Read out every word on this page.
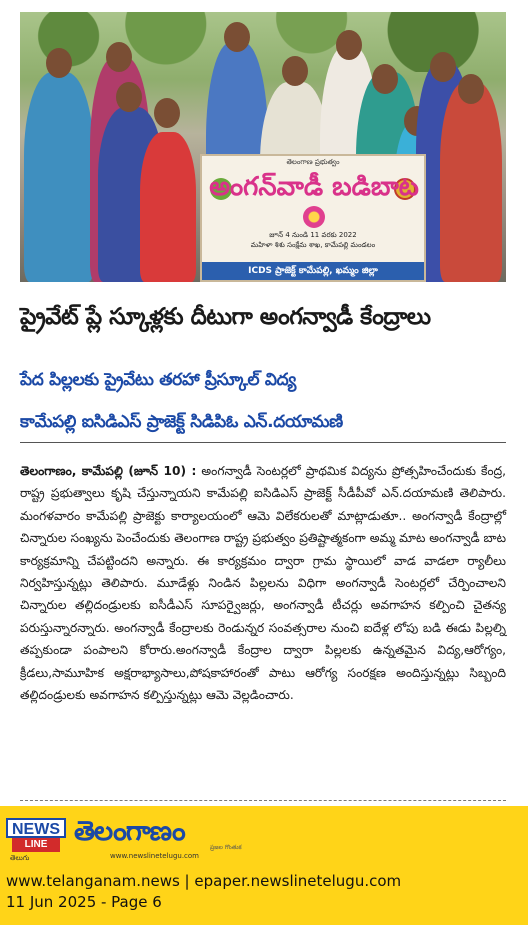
తెలంగాణ ప్రభుత్వం
అంగన్‌వాడీ బడిబాట
జూన్ 4 నుండి 11 వరకు 2022
మహిళా శిశు సంక్షేమ శాఖ, కామేపల్లి మండలం
ICDS ప్రాజెక్ట్ కామేపల్లి, ఖమ్మం జిల్లా
ప్రైవేట్ ప్లే స్కూళ్లకు దీటుగా అంగన్వాడీ కేంద్రాలు
పేద పిల్లలకు ప్రైవేటు తరహా ప్రీస్కూల్ విద్య
కామేపల్లి ఐసిడిఎస్ ప్రాజెక్ట్ సిడిపిఓ ఎన్.దయామణి
తెలంగాణం, కామేపల్లి (జూన్ 10) : అంగన్వాడీ సెంటర్లలో ప్రాథమిక విద్యను ప్రోత్సహించేందుకు కేంద్ర, రాష్ట్ర ప్రభుత్వాలు కృషి చేస్తున్నాయని కామేపల్లి ఐసిడిఎస్ ప్రాజెక్ట్ సీడీపీవో ఎన్.దయామణి తెలిపారు. మంగళవారం కామేపల్లి ప్రాజెక్టు కార్యాలయంలో ఆమె విలేకరులతో మాట్లాడుతూ.. అంగన్వాడీ కేంద్రాల్లో చిన్నారుల సంఖ్యను పెంచేందుకు తెలంగాణ రాష్ట్ర ప్రభుత్వం ప్రతిష్టాత్మకంగా అమ్మ మాట అంగన్వాడీ బాట కార్యక్రమాన్ని చేపట్టిందని అన్నారు. ఈ కార్యక్రమం ద్వారా గ్రామ స్థాయిలో వాడ వాడలా ర్యాలీలు నిర్వహిస్తున్నట్లు తెలిపారు. మూడేళ్లు నిండిన పిల్లలను విధిగా అంగన్వాడీ సెంటర్లలో చేర్పించాలని చిన్నారుల తల్లిదండ్రులకు ఐసీడీఎస్ సూపర్వైజర్లు, అంగన్వాడీ టీచర్లు అవగాహన కల్పించి చైతన్య పరుస్తున్నారన్నారు. అంగన్వాడీ కేంద్రాలకు రెండున్నర సంవత్సరాల నుంచి ఐదేళ్ల లోపు బడి ఈడు పిల్లల్ని తప్పకుండా పంపాలని కోరారు.అంగన్వాడీ కేంద్రాల ద్వారా పిల్లలకు ఉన్నతమైన విద్య,ఆరోగ్యం, క్రీడలు,సామూహిక అక్షరాభ్యాసాలు,పోషకాహారంతో పాటు ఆరోగ్య సంరక్షణ అందిస్తున్నట్లు సిబ్బంది తల్లిదండ్రులకు అవగాహన కల్పిస్తున్నట్లు ఆమె వెల్లడించారు.
NEWS
LINE
తెలుగు
తెలంగాణం
ప్రజల గొంతుక
www.newslinetelugu.com
www.telanganam.news | epaper.newslinetelugu.com
11 Jun 2025 - Page 6
